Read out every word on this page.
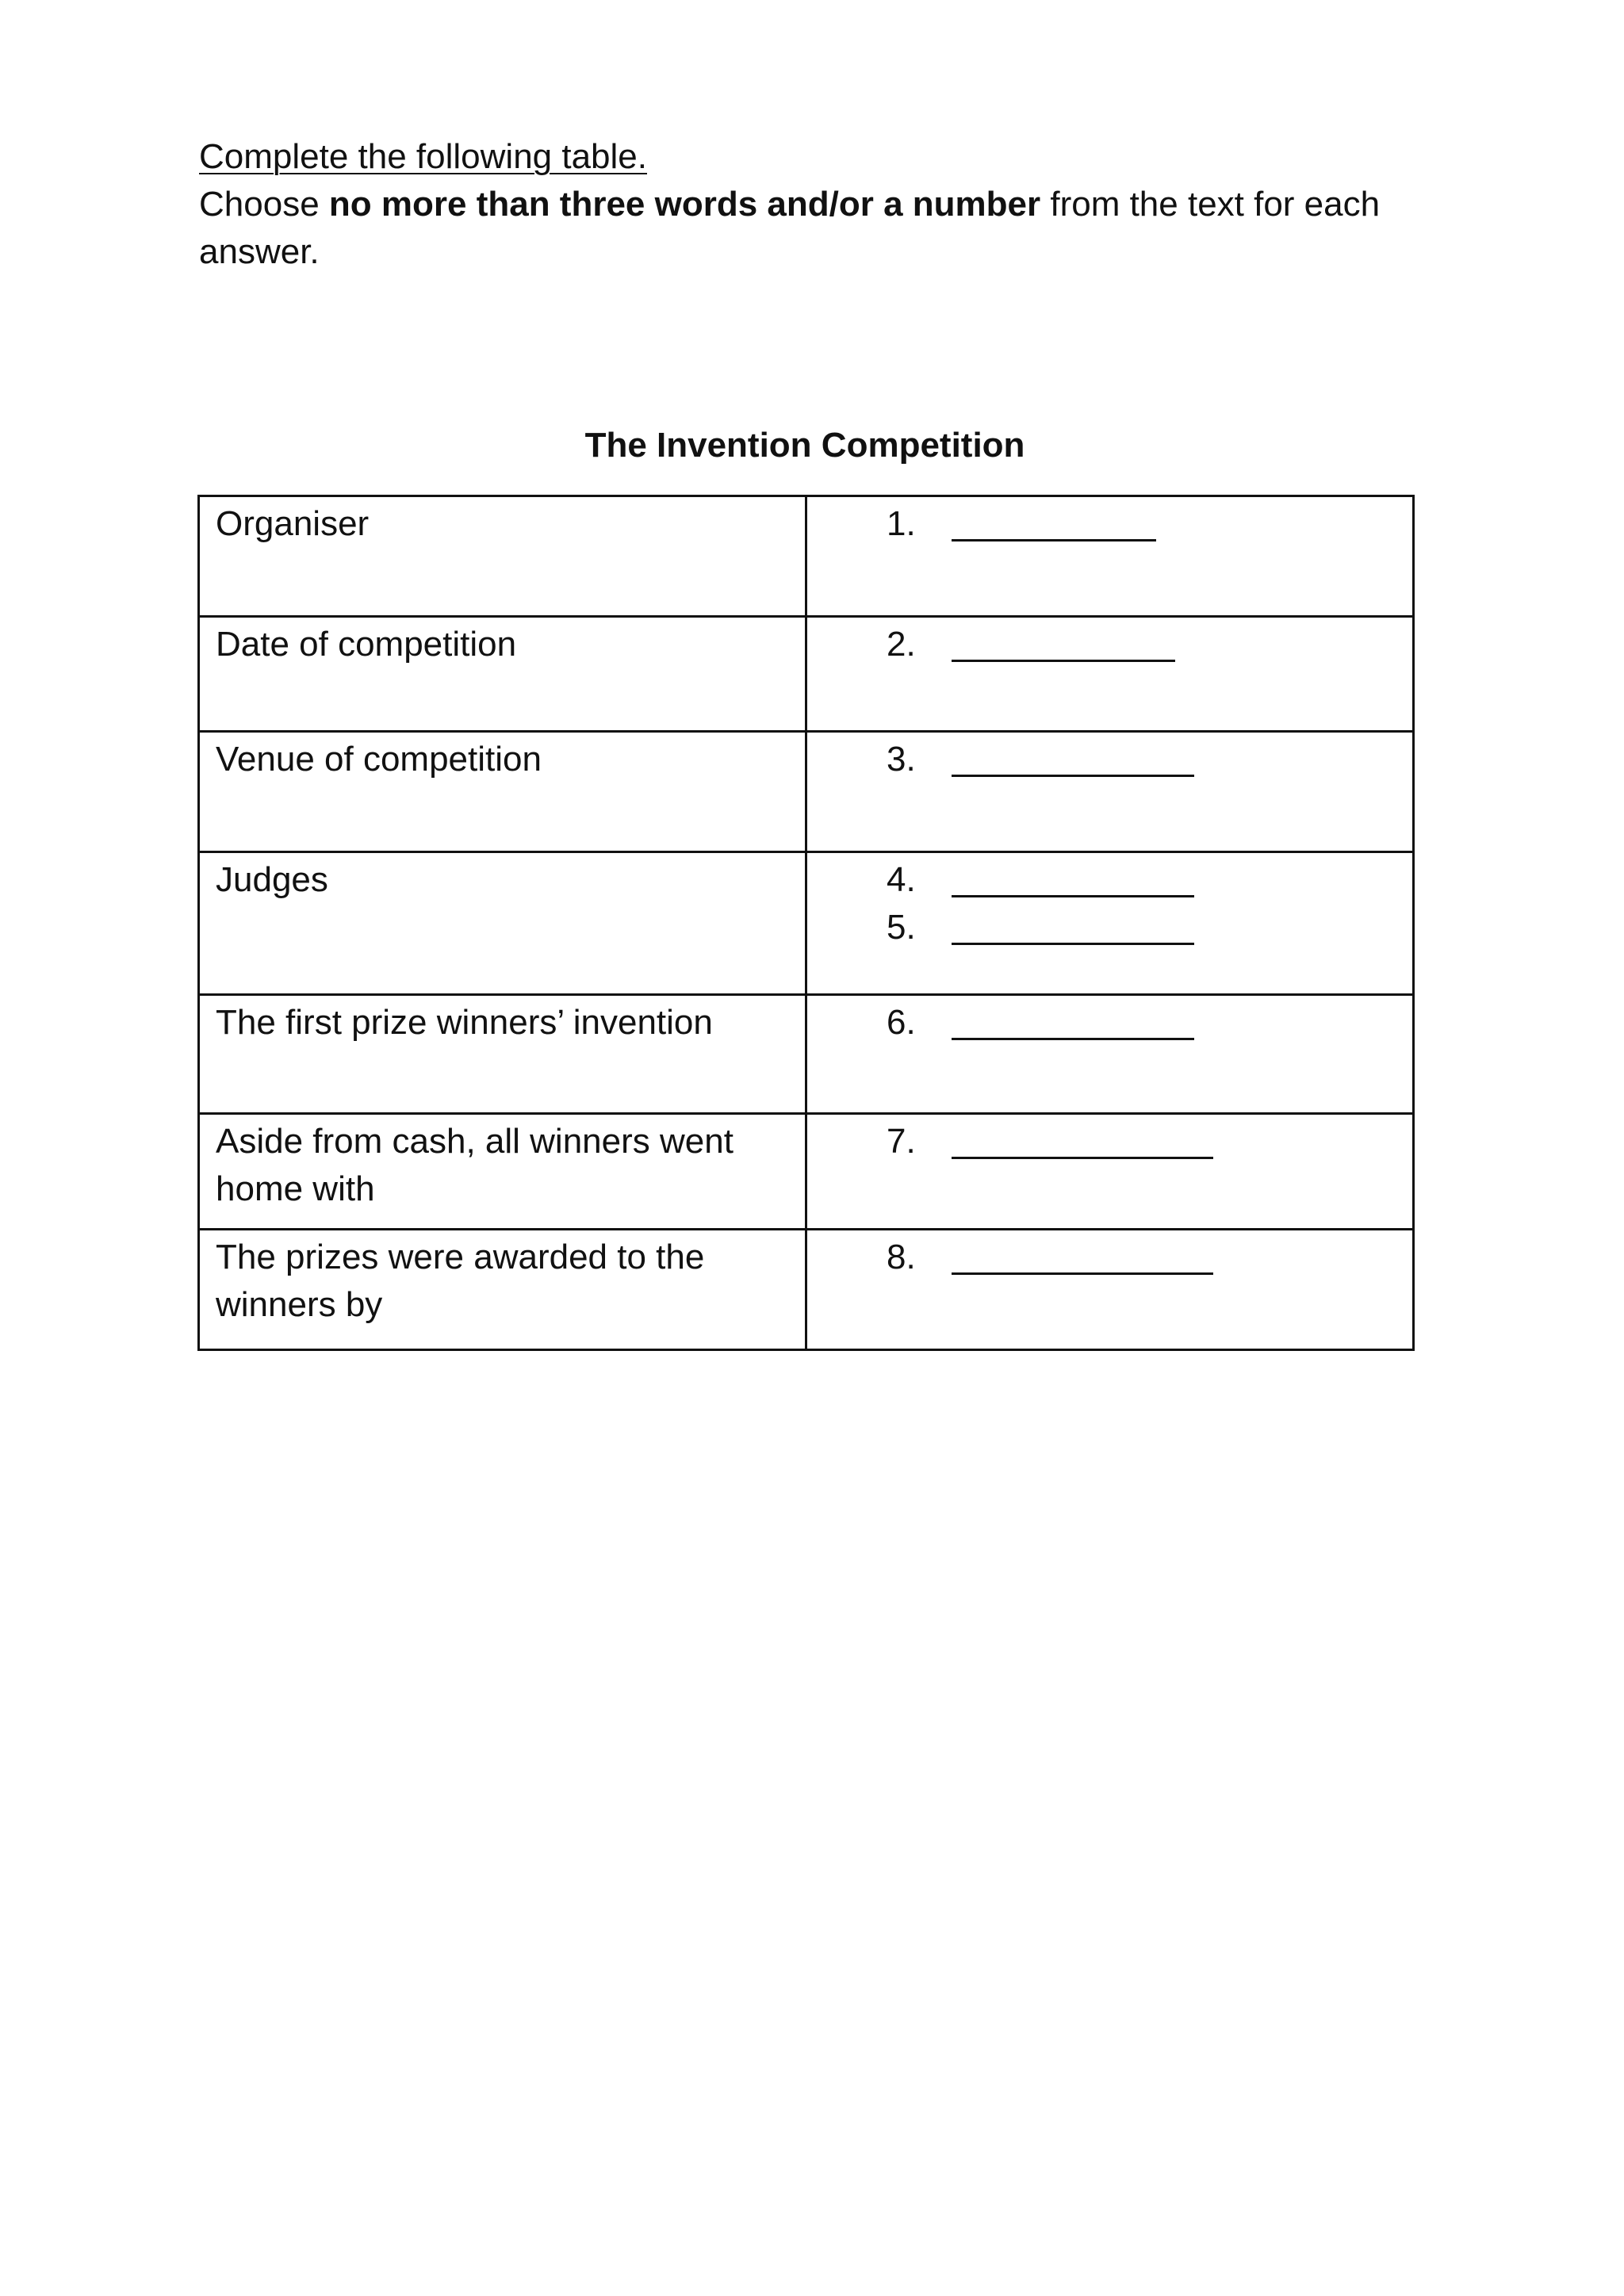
Complete the following table.

Choose no more than three words and/or a number from the text for each answer.

The Invention Competition
Organiser	1.

Date of competition	2.

Venue of competition	3.

Judges	4.
5.

The first prize winners’ invention	6.

Aside from cash, all winners went home with	7.

The prizes were awarded to the winners by	8.
